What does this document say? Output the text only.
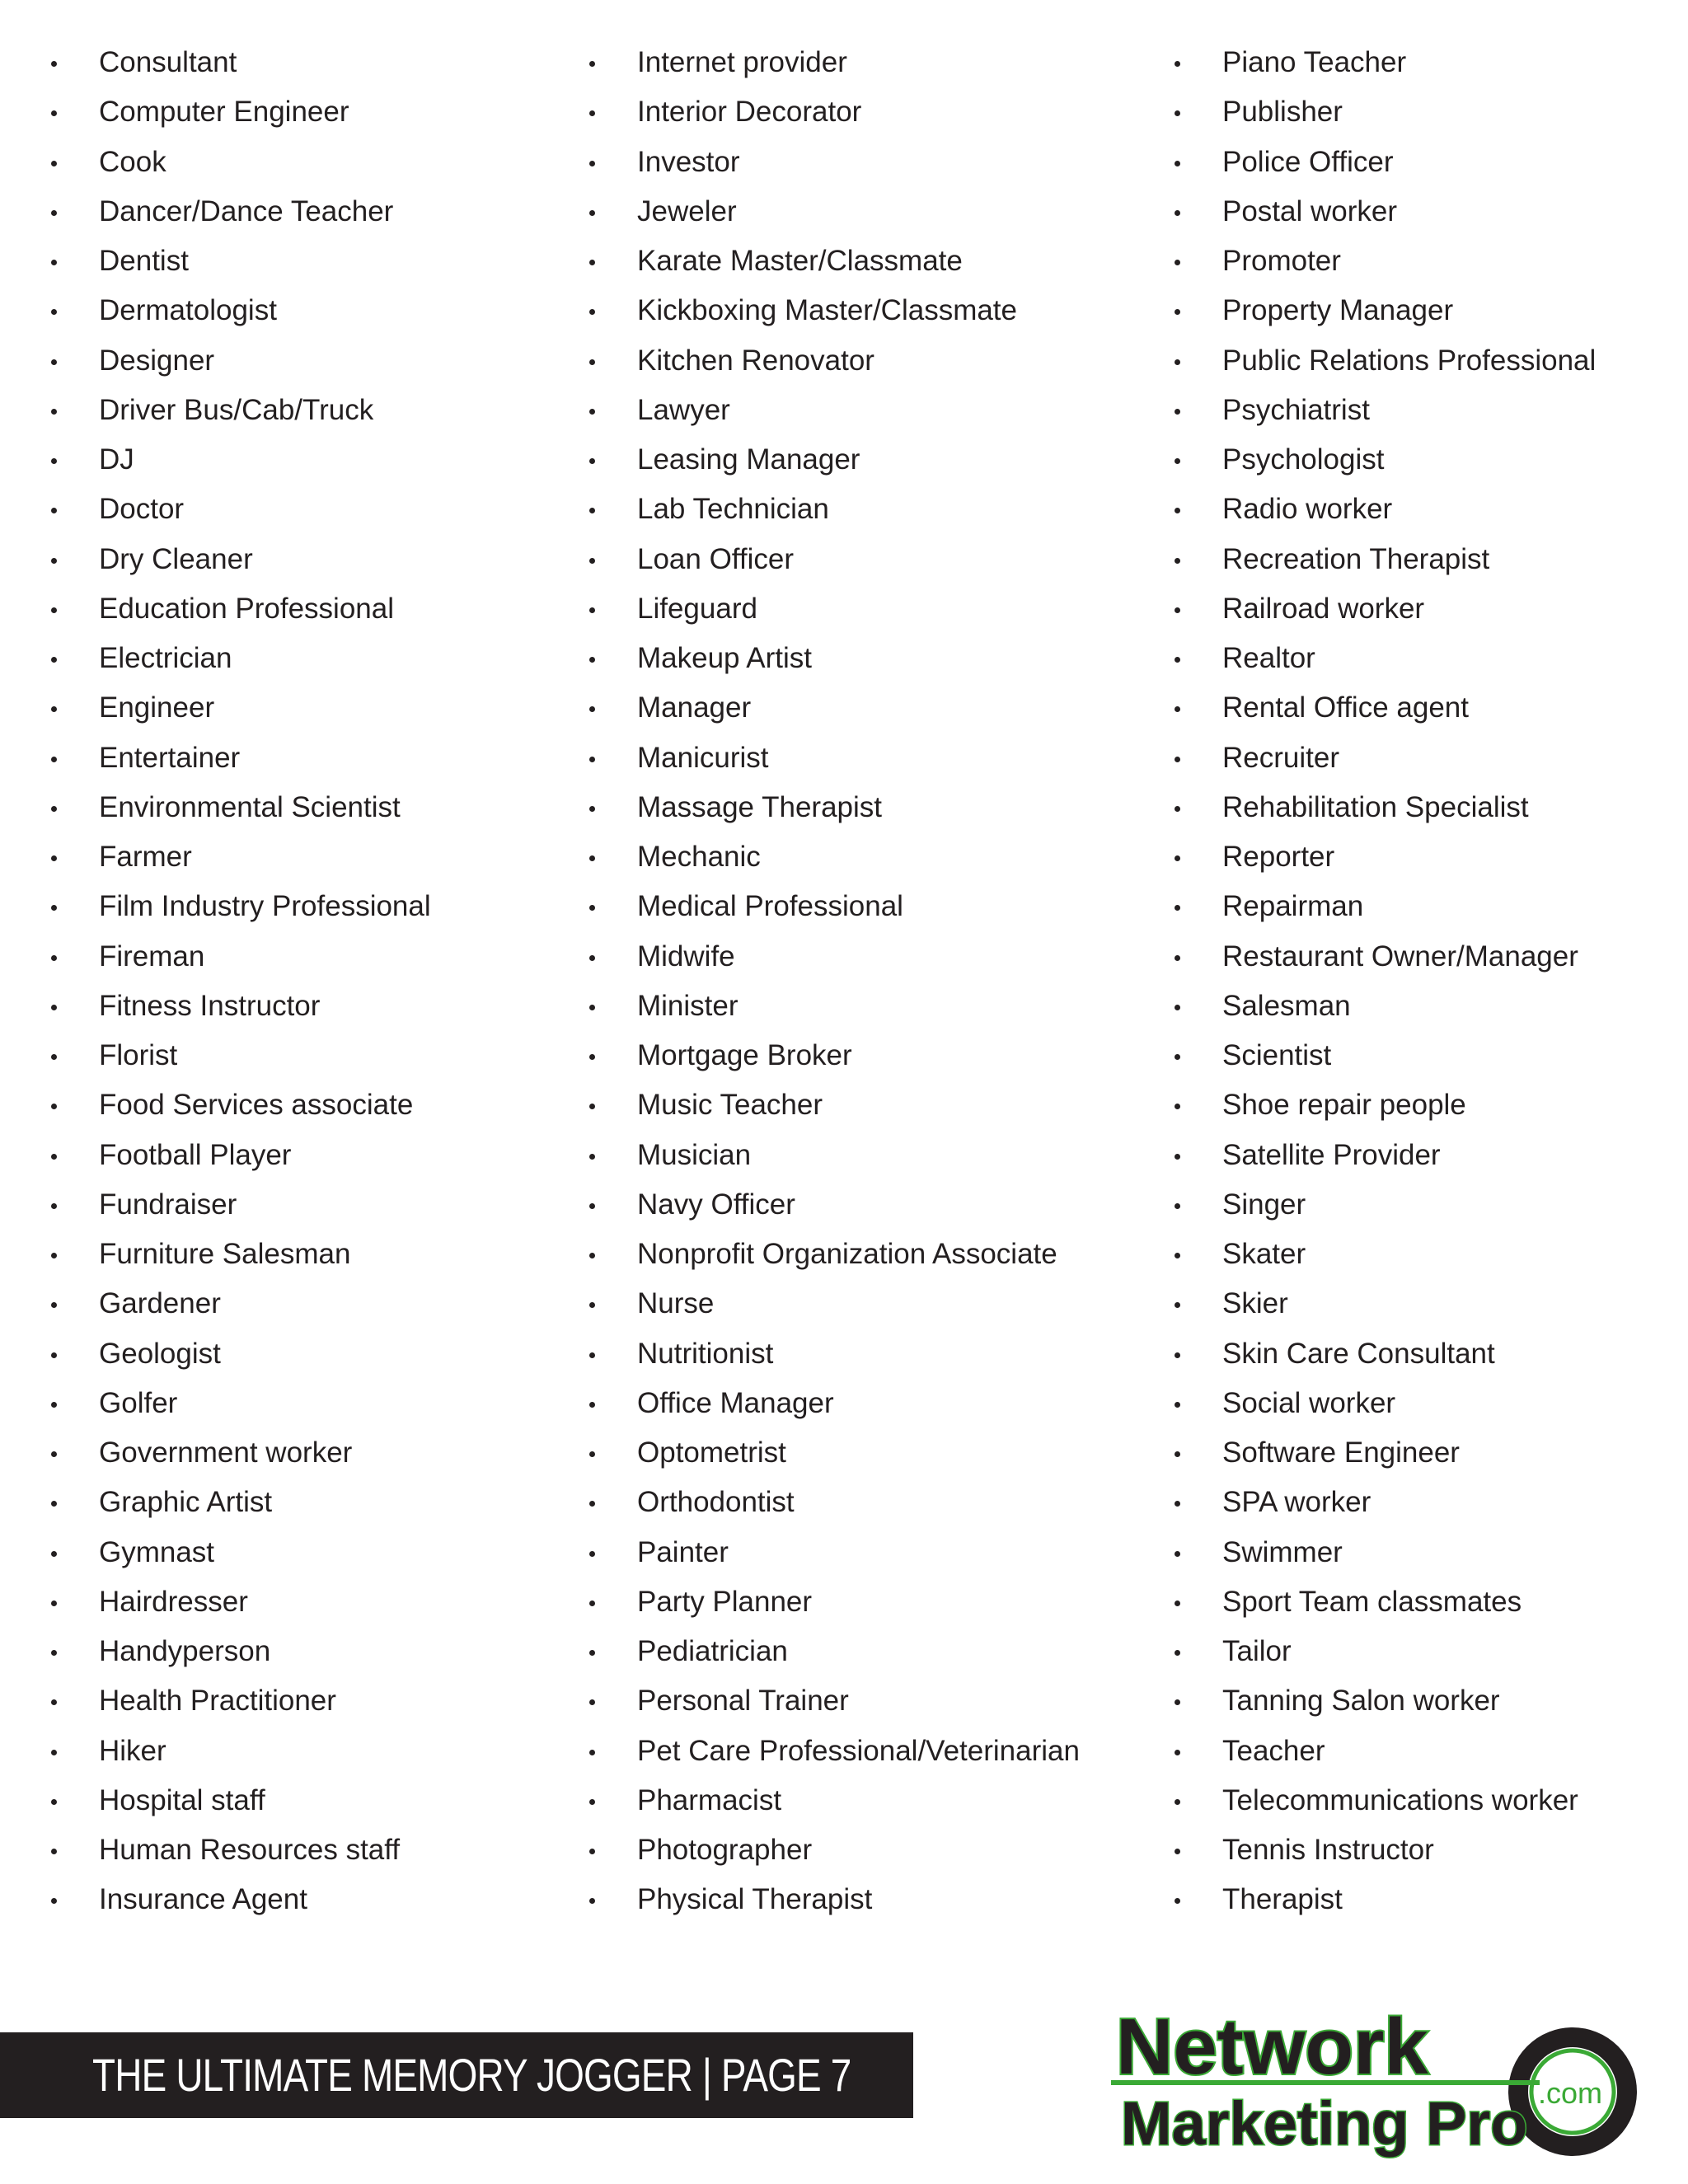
Consultant
Computer Engineer
Cook
Dancer/Dance Teacher
Dentist
Dermatologist
Designer
Driver Bus/Cab/Truck
DJ
Doctor
Dry Cleaner
Education Professional
Electrician
Engineer
Entertainer
Environmental Scientist
Farmer
Film Industry Professional
Fireman
Fitness Instructor
Florist
Food Services associate
Football Player
Fundraiser
Furniture Salesman
Gardener
Geologist
Golfer
Government worker
Graphic Artist
Gymnast
Hairdresser
Handyperson
Health Practitioner
Hiker
Hospital staff
Human Resources staff
Insurance Agent
Internet provider
Interior Decorator
Investor
Jeweler
Karate Master/Classmate
Kickboxing Master/Classmate
Kitchen Renovator
Lawyer
Leasing Manager
Lab Technician
Loan Officer
Lifeguard
Makeup Artist
Manager
Manicurist
Massage Therapist
Mechanic
Medical Professional
Midwife
Minister
Mortgage Broker
Music Teacher
Musician
Navy Officer
Nonprofit Organization Associate
Nurse
Nutritionist
Office Manager
Optometrist
Orthodontist
Painter
Party Planner
Pediatrician
Personal Trainer
Pet Care Professional/Veterinarian
Pharmacist
Photographer
Physical Therapist
Piano Teacher
Publisher
Police Officer
Postal worker
Promoter
Property Manager
Public Relations Professional
Psychiatrist
Psychologist
Radio worker
Recreation Therapist
Railroad worker
Realtor
Rental Office agent
Recruiter
Rehabilitation Specialist
Reporter
Repairman
Restaurant Owner/Manager
Salesman
Scientist
Shoe repair people
Satellite Provider
Singer
Skater
Skier
Skin Care Consultant
Social worker
Software Engineer
SPA worker
Swimmer
Sport Team classmates
Tailor
Tanning Salon worker
Teacher
Telecommunications worker
Tennis Instructor
Therapist
THE ULTIMATE MEMORY JOGGER | PAGE 7	Network
Marketing Pro .com
